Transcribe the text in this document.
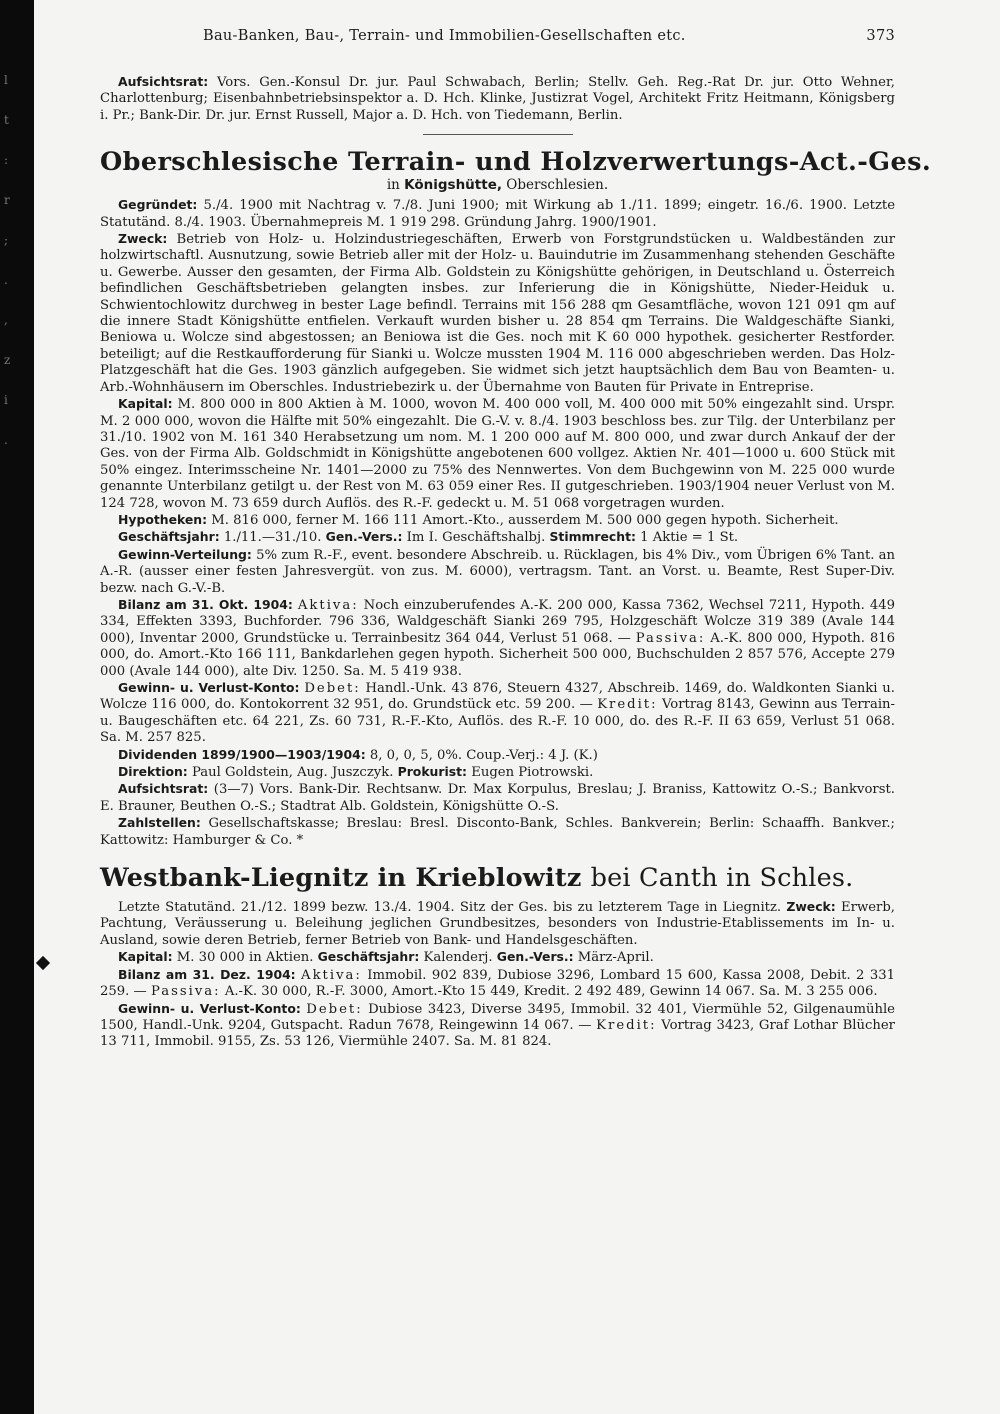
l
t
:
r
;
.
,
z
i
.
Bau-Banken, Bau-, Terrain- und Immobilien-Gesellschaften etc.	373

Aufsichtsrat: Vors. Gen.-Konsul Dr. jur. Paul Schwabach, Berlin; Stellv. Geh. Reg.-Rat Dr. jur. Otto Wehner, Charlottenburg; Eisenbahnbetriebsinspektor a. D. Hch. Klinke, Justizrat Vogel, Architekt Fritz Heitmann, Königsberg i. Pr.; Bank-Dir. Dr. jur. Ernst Russell, Major a. D. Hch. von Tiedemann, Berlin.

Oberschlesische Terrain- und Holzverwertungs-Act.-Ges.
in Königshütte, Oberschlesien.

Gegründet: 5./4. 1900 mit Nachtrag v. 7./8. Juni 1900; mit Wirkung ab 1./11. 1899; eingetr. 16./6. 1900. Letzte Statutänd. 8./4. 1903. Übernahmepreis M. 1 919 298. Gründung Jahrg. 1900/1901.

Zweck: Betrieb von Holz- u. Holzindustriegeschäften, Erwerb von Forstgrundstücken u. Waldbeständen zur holzwirtschaftl. Ausnutzung, sowie Betrieb aller mit der Holz- u. Bauindutrie im Zusammenhang stehenden Geschäfte u. Gewerbe. Ausser den gesamten, der Firma Alb. Goldstein zu Königshütte gehörigen, in Deutschland u. Österreich befindlichen Geschäftsbetrieben gelangten insbes. zur Inferierung die in Königshütte, Nieder-Heiduk u. Schwientochlowitz durchweg in bester Lage befindl. Terrains mit 156 288 qm Gesamtfläche, wovon 121 091 qm auf die innere Stadt Königshütte entfielen. Verkauft wurden bisher u. 28 854 qm Terrains. Die Waldgeschäfte Sianki, Beniowa u. Wolcze sind abgestossen; an Beniowa ist die Ges. noch mit K 60 000 hypothek. gesicherter Restforder. beteiligt; auf die Restkaufforderung für Sianki u. Wolcze mussten 1904 M. 116 000 abgeschrieben werden. Das Holz-Platzgeschäft hat die Ges. 1903 gänzlich aufgegeben. Sie widmet sich jetzt hauptsächlich dem Bau von Beamten- u. Arb.-Wohnhäusern im Oberschles. Industriebezirk u. der Übernahme von Bauten für Private in Entreprise.

Kapital: M. 800 000 in 800 Aktien à M. 1000, wovon M. 400 000 voll, M. 400 000 mit 50% eingezahlt sind. Urspr. M. 2 000 000, wovon die Hälfte mit 50% eingezahlt. Die G.-V. v. 8./4. 1903 beschloss bes. zur Tilg. der Unterbilanz per 31./10. 1902 von M. 161 340 Herabsetzung um nom. M. 1 200 000 auf M. 800 000, und zwar durch Ankauf der der Ges. von der Firma Alb. Goldschmidt in Königshütte angebotenen 600 vollgez. Aktien Nr. 401—1000 u. 600 Stück mit 50% eingez. Interimsscheine Nr. 1401—2000 zu 75% des Nennwertes. Von dem Buchgewinn von M. 225 000 wurde genannte Unterbilanz getilgt u. der Rest von M. 63 059 einer Res. II gutgeschrieben. 1903/1904 neuer Verlust von M. 124 728, wovon M. 73 659 durch Auflös. des R.-F. gedeckt u. M. 51 068 vorgetragen wurden.

Hypotheken: M. 816 000, ferner M. 166 111 Amort.-Kto., ausserdem M. 500 000 gegen hypoth. Sicherheit.

Geschäftsjahr: 1./11.—31./10. Gen.-Vers.: Im I. Geschäftshalbj. Stimmrecht: 1 Aktie = 1 St.

Gewinn-Verteilung: 5% zum R.-F., event. besondere Abschreib. u. Rücklagen, bis 4% Div., vom Übrigen 6% Tant. an A.-R. (ausser einer festen Jahresvergüt. von zus. M. 6000), vertragsm. Tant. an Vorst. u. Beamte, Rest Super-Div. bezw. nach G.-V.-B.

Bilanz am 31. Okt. 1904: Aktiva: Noch einzuberufendes A.-K. 200 000, Kassa 7362, Wechsel 7211, Hypoth. 449 334, Effekten 3393, Buchforder. 796 336, Waldgeschäft Sianki 269 795, Holzgeschäft Wolcze 319 389 (Avale 144 000), Inventar 2000, Grundstücke u. Terrainbesitz 364 044, Verlust 51 068. — Passiva: A.-K. 800 000, Hypoth. 816 000, do. Amort.-Kto 166 111, Bankdarlehen gegen hypoth. Sicherheit 500 000, Buchschulden 2 857 576, Accepte 279 000 (Avale 144 000), alte Div. 1250. Sa. M. 5 419 938.

Gewinn- u. Verlust-Konto: Debet: Handl.-Unk. 43 876, Steuern 4327, Abschreib. 1469, do. Waldkonten Sianki u. Wolcze 116 000, do. Kontokorrent 32 951, do. Grundstück etc. 59 200. — Kredit: Vortrag 8143, Gewinn aus Terrain- u. Baugeschäften etc. 64 221, Zs. 60 731, R.-F.-Kto, Auflös. des R.-F. 10 000, do. des R.-F. II 63 659, Verlust 51 068. Sa. M. 257 825.

Dividenden 1899/1900—1903/1904: 8, 0, 0, 5, 0%. Coup.-Verj.: 4 J. (K.)

Direktion: Paul Goldstein, Aug. Juszczyk. Prokurist: Eugen Piotrowski.

Aufsichtsrat: (3—7) Vors. Bank-Dir. Rechtsanw. Dr. Max Korpulus, Breslau; J. Braniss, Kattowitz O.-S.; Bankvorst. E. Brauner, Beuthen O.-S.; Stadtrat Alb. Goldstein, Königshütte O.-S.

Zahlstellen: Gesellschaftskasse; Breslau: Bresl. Disconto-Bank, Schles. Bankverein; Berlin: Schaaffh. Bankver.; Kattowitz: Hamburger & Co. *

Westbank-Liegnitz in Krieblowitz bei Canth in Schles.

Letzte Statutänd. 21./12. 1899 bezw. 13./4. 1904. Sitz der Ges. bis zu letzterem Tage in Liegnitz. Zweck: Erwerb, Pachtung, Veräusserung u. Beleihung jeglichen Grundbesitzes, besonders von Industrie-Etablissements im In- u. Ausland, sowie deren Betrieb, ferner Betrieb von Bank- und Handelsgeschäften.

Kapital: M. 30 000 in Aktien. Geschäftsjahr: Kalenderj. Gen.-Vers.: März-April.

Bilanz am 31. Dez. 1904: Aktiva: Immobil. 902 839, Dubiose 3296, Lombard 15 600, Kassa 2008, Debit. 2 331 259. — Passiva: A.-K. 30 000, R.-F. 3000, Amort.-Kto 15 449, Kredit. 2 492 489, Gewinn 14 067. Sa. M. 3 255 006.

Gewinn- u. Verlust-Konto: Debet: Dubiose 3423, Diverse 3495, Immobil. 32 401, Viermühle 52, Gilgenaumühle 1500, Handl.-Unk. 9204, Gutspacht. Radun 7678, Reingewinn 14 067. — Kredit: Vortrag 3423, Graf Lothar Blücher 13 711, Immobil. 9155, Zs. 53 126, Viermühle 2407. Sa. M. 81 824.
